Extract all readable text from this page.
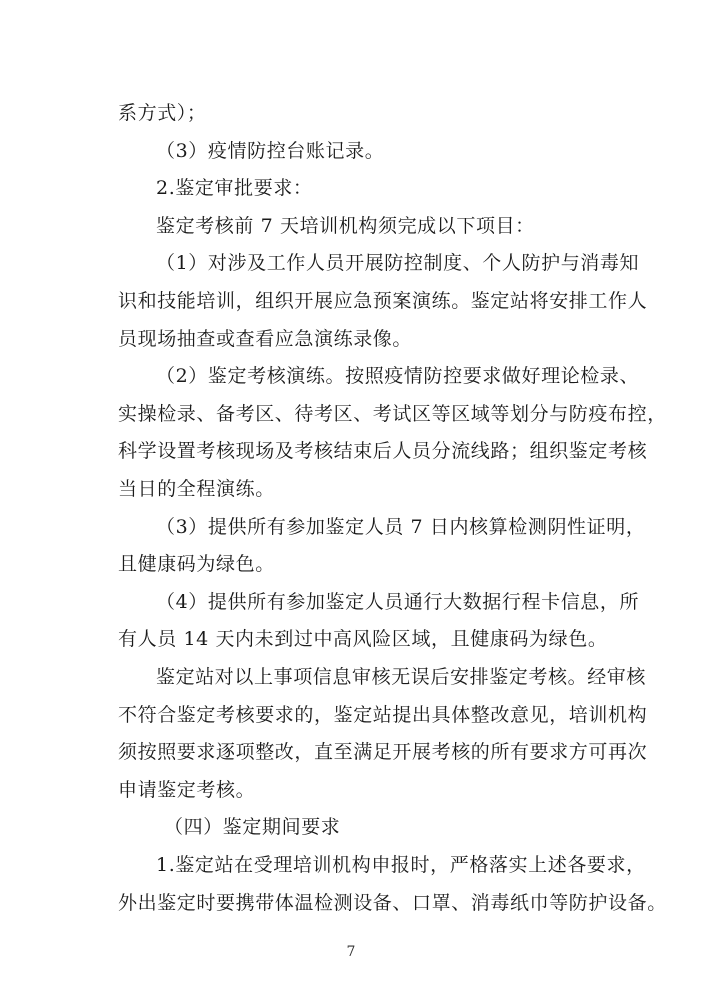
系方式）；
（3）疫情防控台账记录。
2.鉴定审批要求：
鉴定考核前 7 天培训机构须完成以下项目：
（1）对涉及工作人员开展防控制度、个人防护与消毒知
识和技能培训，组织开展应急预案演练。鉴定站将安排工作人
员现场抽查或查看应急演练录像。
（2）鉴定考核演练。按照疫情防控要求做好理论检录、
实操检录、备考区、待考区、考试区等区域等划分与防疫布控，
科学设置考核现场及考核结束后人员分流线路；组织鉴定考核
当日的全程演练。
（3）提供所有参加鉴定人员 7 日内核算检测阴性证明，
且健康码为绿色。
（4）提供所有参加鉴定人员通行大数据行程卡信息，所
有人员 14 天内未到过中高风险区域，且健康码为绿色。
鉴定站对以上事项信息审核无误后安排鉴定考核。经审核
不符合鉴定考核要求的，鉴定站提出具体整改意见，培训机构
须按照要求逐项整改，直至满足开展考核的所有要求方可再次
申请鉴定考核。
（四）鉴定期间要求
1.鉴定站在受理培训机构申报时，严格落实上述各要求，
外出鉴定时要携带体温检测设备、口罩、消毒纸巾等防护设备。
7
